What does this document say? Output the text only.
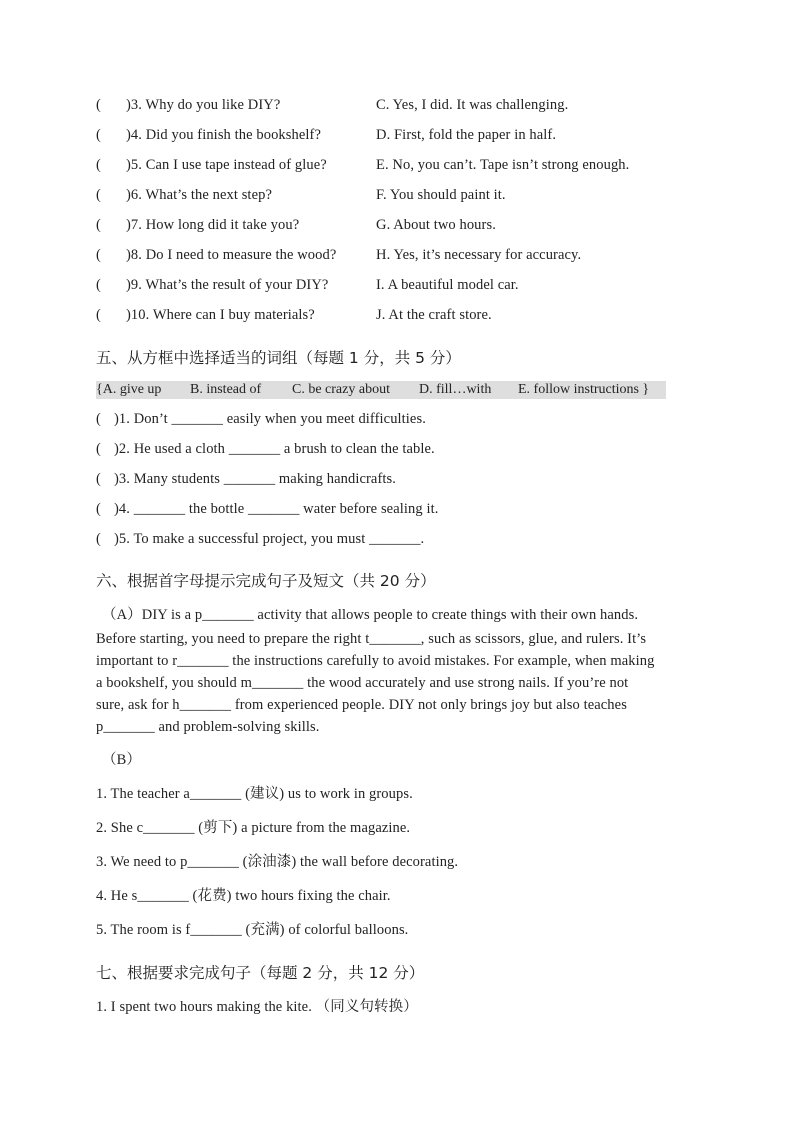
( )3. Why do you like DIY?	C. Yes, I did. It was challenging.
( )4. Did you finish the bookshelf?	D. First, fold the paper in half.
( )5. Can I use tape instead of glue?	E. No, you can’t. Tape isn’t strong enough.
( )6. What’s the next step?	F. You should paint it.
( )7. How long did it take you?	G. About two hours.
( )8. Do I need to measure the wood?	H. Yes, it’s necessary for accuracy.
( )9. What’s the result of your DIY?	I. A beautiful model car.
( )10. Where can I buy materials?	J. At the craft store.
五、从方框中选择适当的词组（每题 1 分，共 5 分）
{A. give up B. instead of C. be crazy about D. fill…with E. follow instructions }
( )1. Don’t _______ easily when you meet difficulties.
( )2. He used a cloth _______ a brush to clean the table.
( )3. Many students _______ making handicrafts.
( )4. _______ the bottle _______ water before sealing it.
( )5. To make a successful project, you must _______.
六、根据首字母提示完成句子及短文（共 20 分）
（A）DIY is a p_______ activity that allows people to create things with their own hands.
Before starting, you need to prepare the right t_______, such as scissors, glue, and rulers. It’s
important to r_______ the instructions carefully to avoid mistakes. For example, when making
a bookshelf, you should m_______ the wood accurately and use strong nails. If you’re not
sure, ask for h_______ from experienced people. DIY not only brings joy but also teaches
p_______ and problem-solving skills.
（B）
1. The teacher a_______ (建议) us to work in groups.
2. She c_______ (剪下) a picture from the magazine.
3. We need to p_______ (涂油漆) the wall before decorating.
4. He s_______ (花费) two hours fixing the chair.
5. The room is f_______ (充满) of colorful balloons.
七、根据要求完成句子（每题 2 分，共 12 分）
1. I spent two hours making the kite. （同义句转换）
